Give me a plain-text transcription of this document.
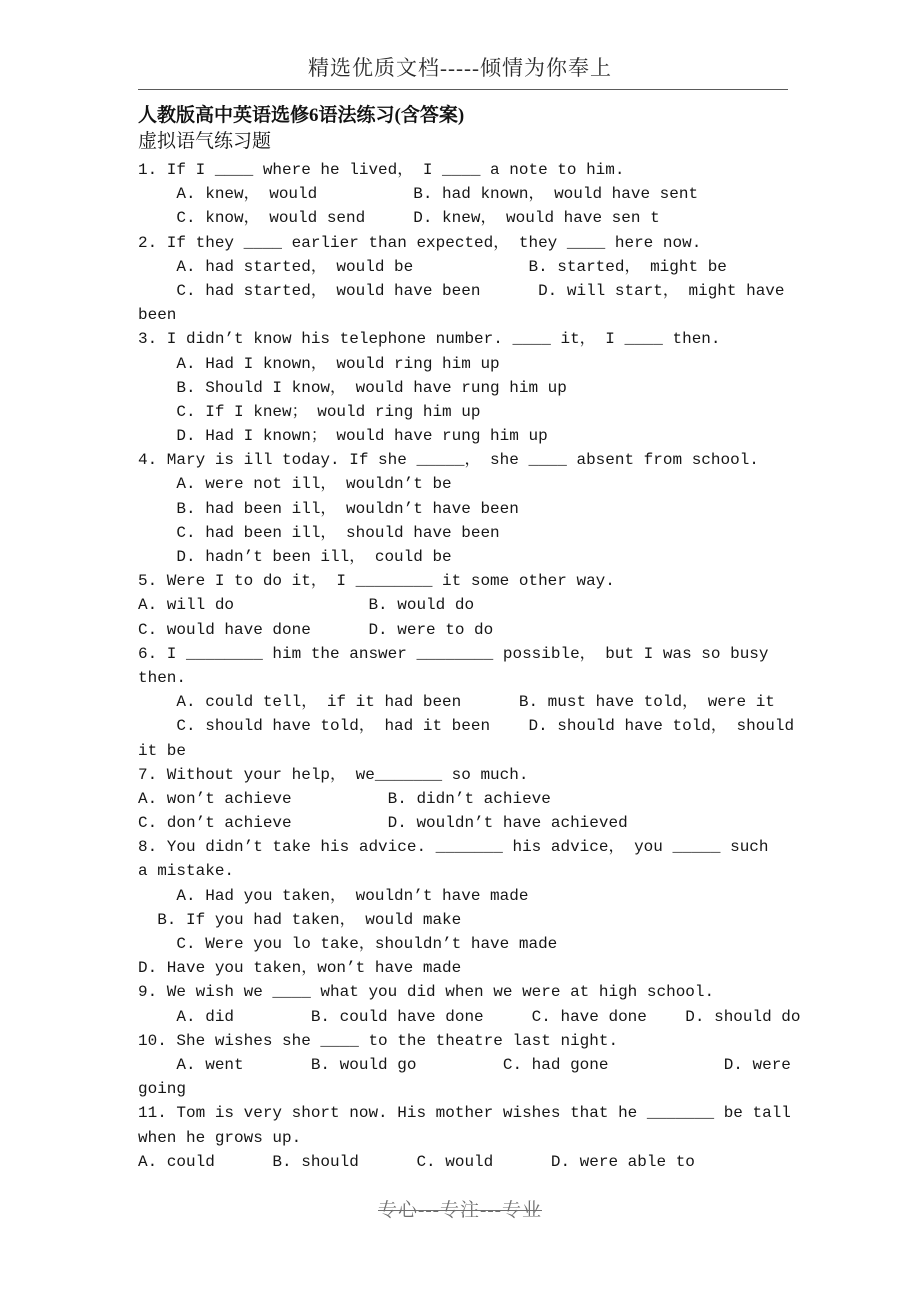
精选优质文档-----倾情为你奉上
人教版高中英语选修6语法练习(含答案)
虚拟语气练习题
1. If I ____ where he lived， I ____ a note to him.
A. knew， would          B. had known， would have sent
C. know， would send     D. knew， would have sen t
2. If they ____ earlier than expected， they ____ here now.
A. had started， would be            B. started， might be
C. had started， would have been      D. will start， might have
been
3. I didn’t know his telephone number. ____ it， I ____ then.
A. Had I known， would ring him up
B. Should I know， would have rung him up
C. If I knew； would ring him up
D. Had I known； would have rung him up
4. Mary is ill today. If she _____， she ____ absent from school.
A. were not ill， wouldn’t be
B. had been ill， wouldn’t have been
C. had been ill， should have been
D. hadn’t been ill， could be
5. Were I to do it， I ________ it some other way.
A. will do              B. would do
C. would have done      D. were to do
6. I ________ him the answer ________ possible， but I was so busy
then.
A. could tell， if it had been      B. must have told， were it
C. should have told， had it been    D. should have told， should
it be
7. Without your help， we_______ so much.
A. won’t achieve          B. didn’t achieve
C. don’t achieve          D. wouldn’t have achieved
8. You didn’t take his advice. _______ his advice， you _____ such
a mistake.
A. Had you taken， wouldn’t have made
B. If you had taken， would make
C. Were you lo take，shouldn’t have made
D. Have you taken，won’t have made
9. We wish we ____ what you did when we were at high school.
A. did        B. could have done     C. have done    D. should do
10. She wishes she ____ to the theatre last night.
A. went       B. would go         C. had gone            D. were
going
11. Tom is very short now. His mother wishes that he _______ be tall
when he grows up.
A. could      B. should      C. would      D. were able to
专心---专注---专业
